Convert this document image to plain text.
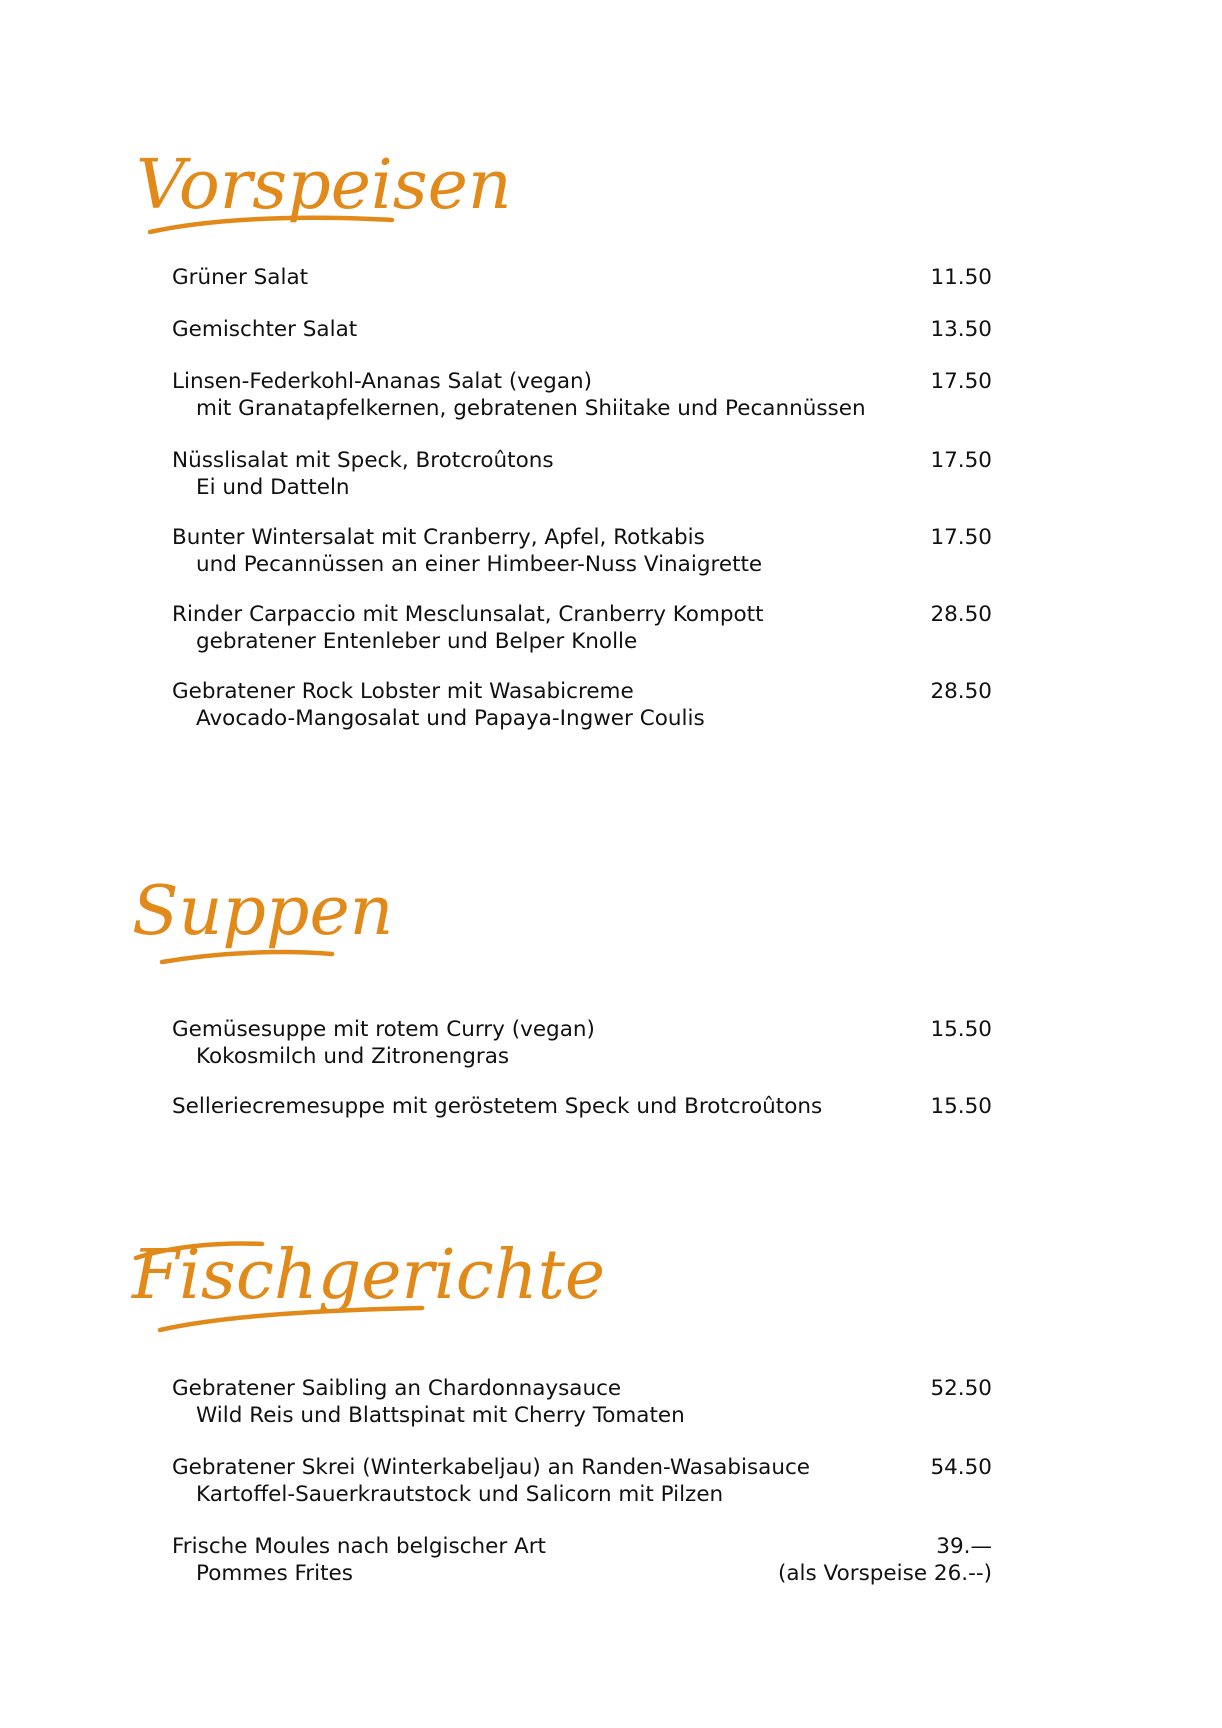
Vorspeisen
Grüner Salat	11.50
Gemischter Salat	13.50
Linsen-Federkohl-Ananas Salat (vegan)	17.50
mit Granatapfelkernen, gebratenen Shiitake und Pecannüssen
Nüsslisalat mit Speck, Brotcroûtons	17.50
Ei und Datteln
Bunter Wintersalat mit Cranberry, Apfel, Rotkabis	17.50
und Pecannüssen an einer Himbeer-Nuss Vinaigrette
Rinder Carpaccio mit Mesclunsalat, Cranberry Kompott	28.50
gebratener Entenleber und Belper Knolle
Gebratener Rock Lobster mit Wasabicreme	28.50
Avocado-Mangosalat und Papaya-Ingwer Coulis
Suppen
Gemüsesuppe mit rotem Curry (vegan)	15.50
Kokosmilch und Zitronengras
Selleriecremesuppe mit geröstetem Speck und Brotcroûtons	15.50
Fischgerichte
Gebratener Saibling an Chardonnaysauce	52.50
Wild Reis und Blattspinat mit Cherry Tomaten
Gebratener Skrei (Winterkabeljau) an Randen-Wasabisauce	54.50
Kartoffel-Sauerkrautstock und Salicorn mit Pilzen
Frische Moules nach belgischer Art	39.—
Pommes Frites	(als Vorspeise 26.--)
